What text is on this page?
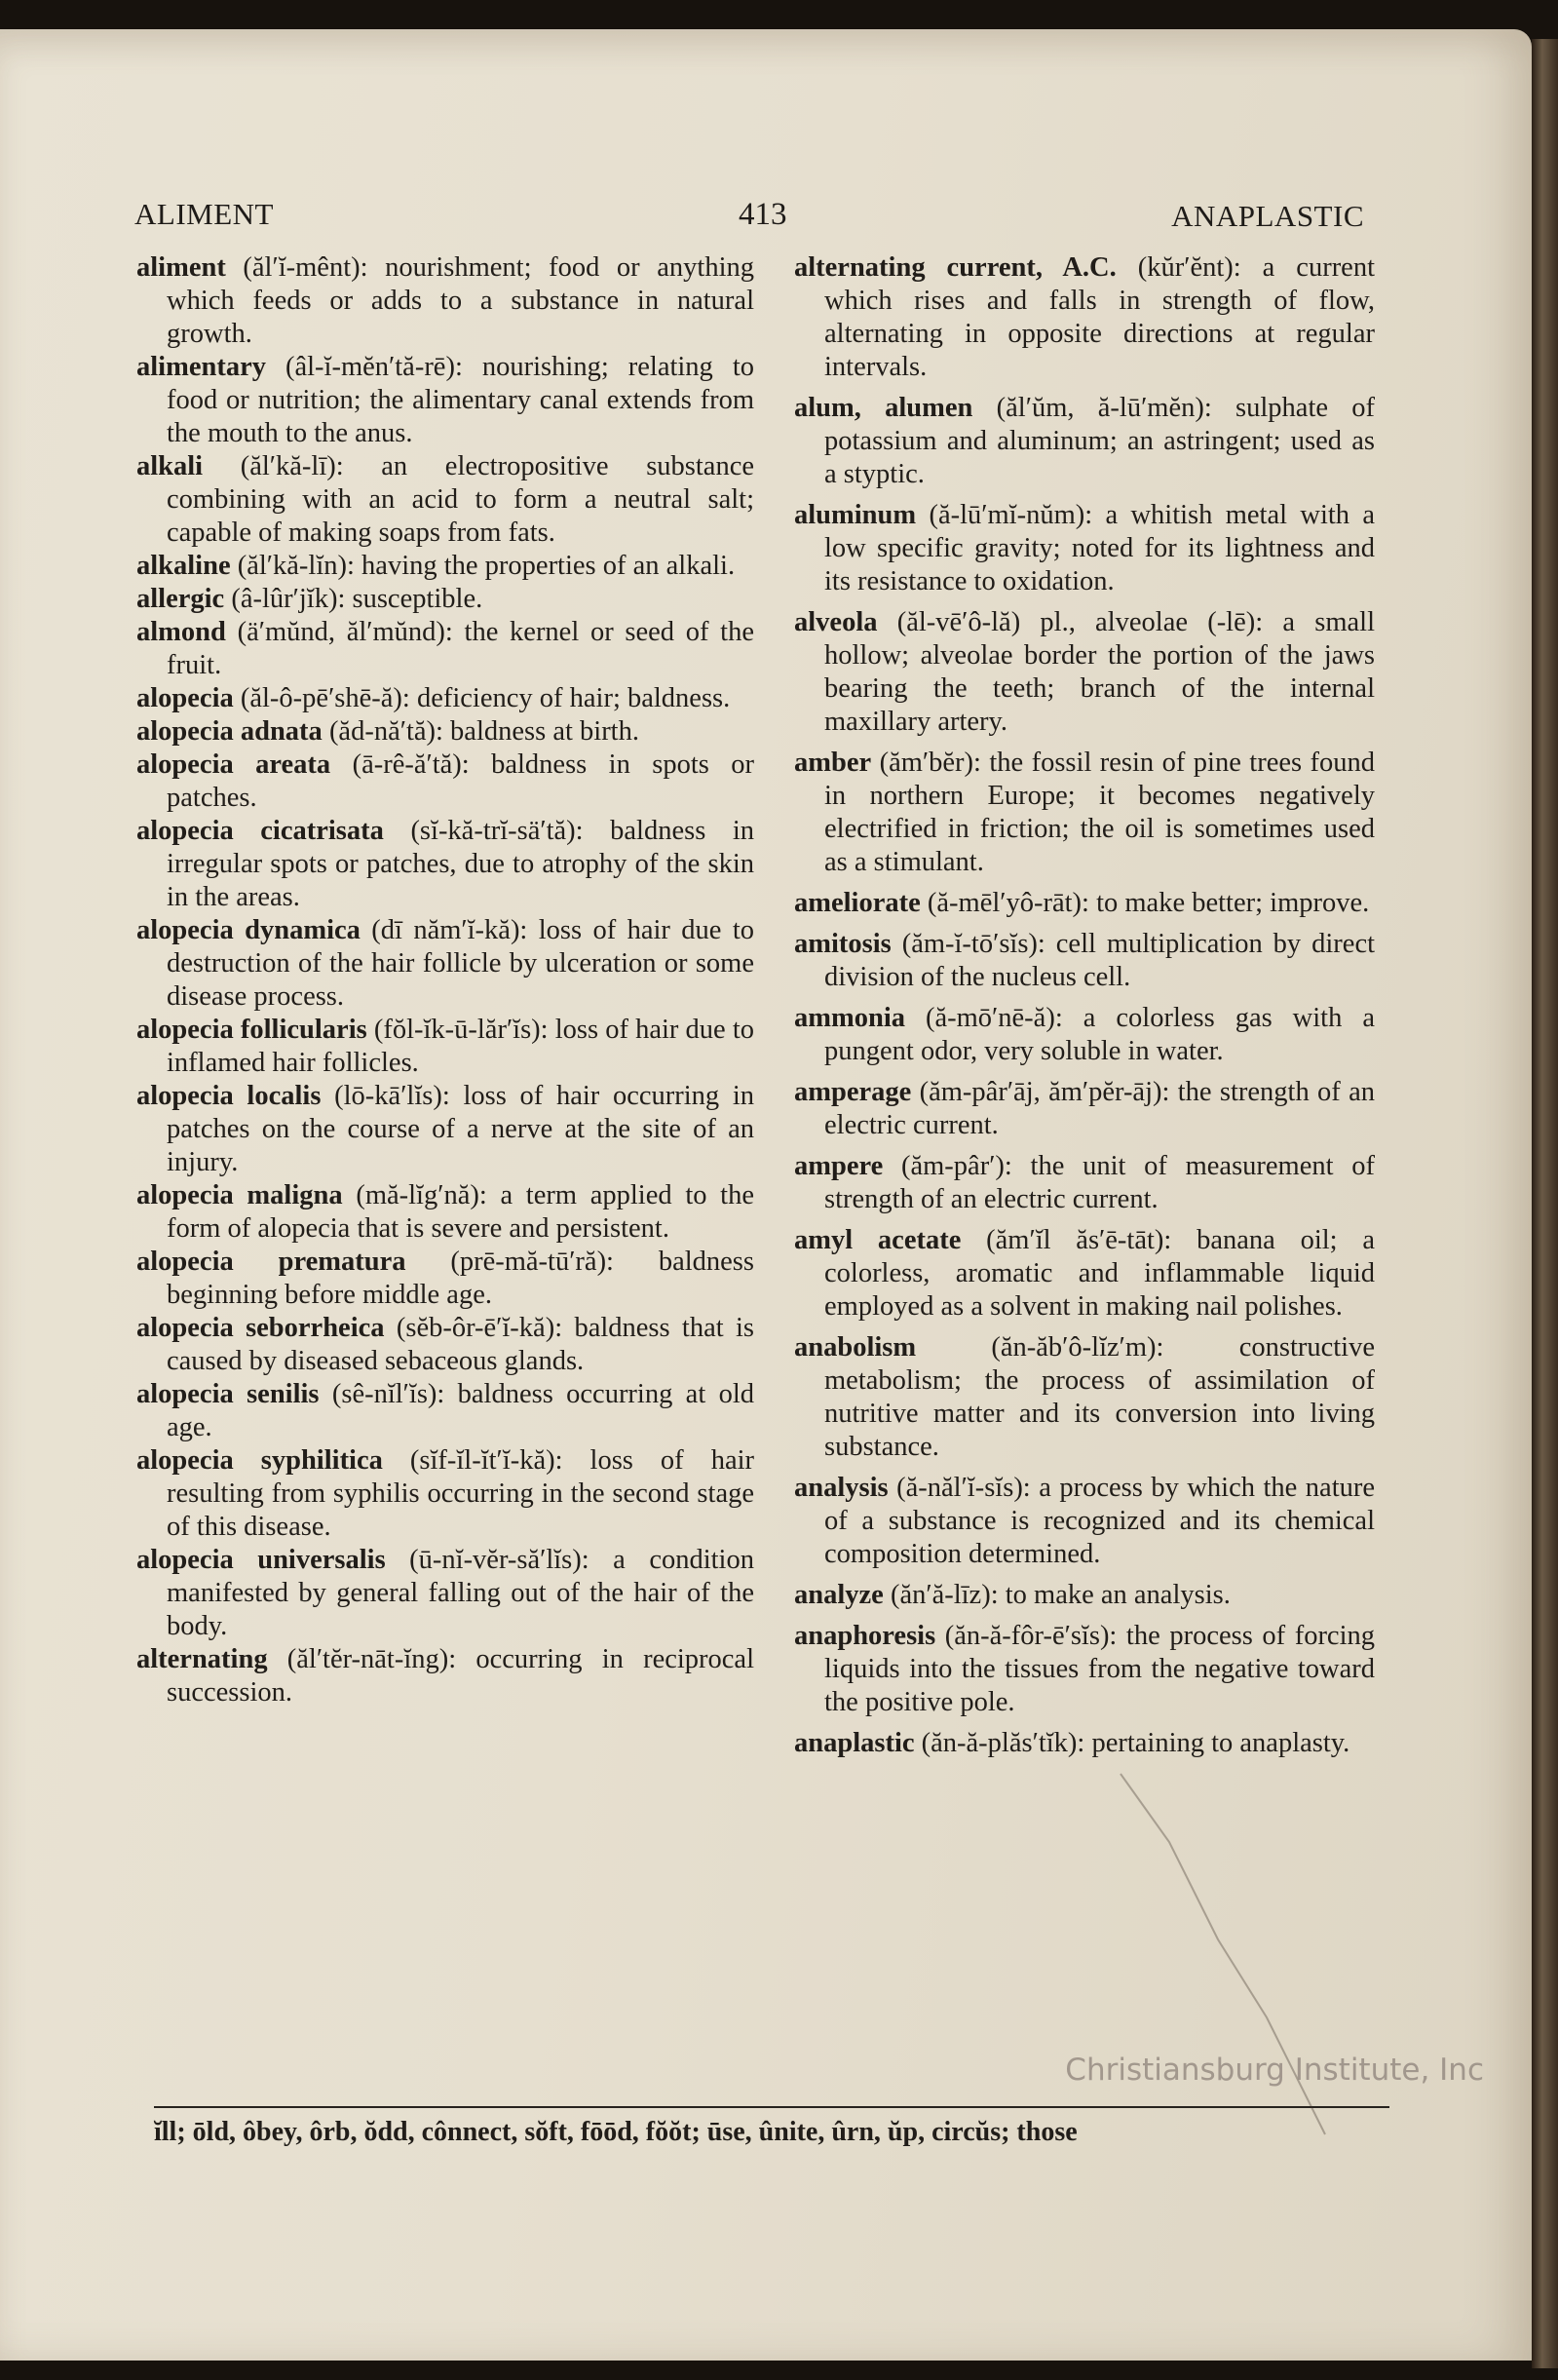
ALIMENT	413	ANAPLASTIC
aliment (ăl′ĭ-mênt): nourishment; food or anything which feeds or adds to a substance in natural growth.
alimentary (âl-ĭ-mĕn′tă-rē): nourishing; relating to food or nutrition; the alimentary canal extends from the mouth to the anus.
alkali (ăl′kă-lī): an electropositive substance combining with an acid to form a neutral salt; capable of making soaps from fats.
alkaline (ăl′kă-lĭn): having the properties of an alkali.
allergic (â-lûr′jĭk): susceptible.
almond (ä′mŭnd, ăl′mŭnd): the kernel or seed of the fruit.
alopecia (ăl-ô-pē′shē-ă): deficiency of hair; baldness.
alopecia adnata (ăd-nă′tă): baldness at birth.
alopecia areata (ā-rê-ă′tă): baldness in spots or patches.
alopecia cicatrisata (sĭ-kă-trĭ-sä′tă): baldness in irregular spots or patches, due to atrophy of the skin in the areas.
alopecia dynamica (dī năm′ĭ-kă): loss of hair due to destruction of the hair follicle by ulceration or some disease process.
alopecia follicularis (fŏl-ĭk-ū-lăr′ĭs): loss of hair due to inflamed hair follicles.
alopecia localis (lō-kā′lĭs): loss of hair occurring in patches on the course of a nerve at the site of an injury.
alopecia maligna (mă-lĭg′nă): a term applied to the form of alopecia that is severe and persistent.
alopecia prematura (prē-mă-tū′ră): baldness beginning before middle age.
alopecia seborrheica (sĕb-ôr-ē′ĭ-kă): baldness that is caused by diseased sebaceous glands.
alopecia senilis (sê-nĭl′ĭs): baldness occurring at old age.
alopecia syphilitica (sĭf-ĭl-ĭt′ĭ-kă): loss of hair resulting from syphilis occurring in the second stage of this disease.
alopecia universalis (ū-nĭ-vĕr-să′lĭs): a condition manifested by general falling out of the hair of the body.
alternating (ăl′tĕr-nāt-ĭng): occurring in reciprocal succession.
alternating current, A.C. (kŭr′ĕnt): a current which rises and falls in strength of flow, alternating in opposite directions at regular intervals.
alum, alumen (ăl′ŭm, ă-lū′mĕn): sulphate of potassium and aluminum; an astringent; used as a styptic.
aluminum (ă-lū′mĭ-nŭm): a whitish metal with a low specific gravity; noted for its lightness and its resistance to oxidation.
alveola (ăl-vē′ô-lă) pl., alveolae (-lē): a small hollow; alveolae border the portion of the jaws bearing the teeth; branch of the internal maxillary artery.
amber (ăm′bĕr): the fossil resin of pine trees found in northern Europe; it becomes negatively electrified in friction; the oil is sometimes used as a stimulant.
ameliorate (ă-mēl′yô-rāt): to make better; improve.
amitosis (ăm-ĭ-tō′sĭs): cell multiplication by direct division of the nucleus cell.
ammonia (ă-mō′nē-ă): a colorless gas with a pungent odor, very soluble in water.
amperage (ăm-pâr′āj, ăm′pĕr-āj): the strength of an electric current.
ampere (ăm-pâr′): the unit of measurement of strength of an electric current.
amyl acetate (ăm′ĭl ăs′ē-tāt): banana oil; a colorless, aromatic and inflammable liquid employed as a solvent in making nail polishes.
anabolism	(ăn-ăb′ô-lĭz′m): constructive metabolism; the process of assimilation of nutritive matter and its conversion into living substance.
analysis (ă-năl′ĭ-sĭs): a process by which the nature of a substance is recognized and its chemical composition determined.
analyze (ăn′ă-līz): to make an analysis.
anaphoresis (ăn-ă-fôr-ē′sĭs): the process of forcing liquids into the tissues from the negative toward the positive pole.
anaplastic (ăn-ă-plăs′tĭk): pertaining to anaplasty.
ĭll; ōld, ôbey, ôrb, ŏdd, cônnect, sŏft, fōōd, fŏŏt; ūse, ûnite, ûrn, ŭp, circŭs; those
Christiansburg Institute, Inc
